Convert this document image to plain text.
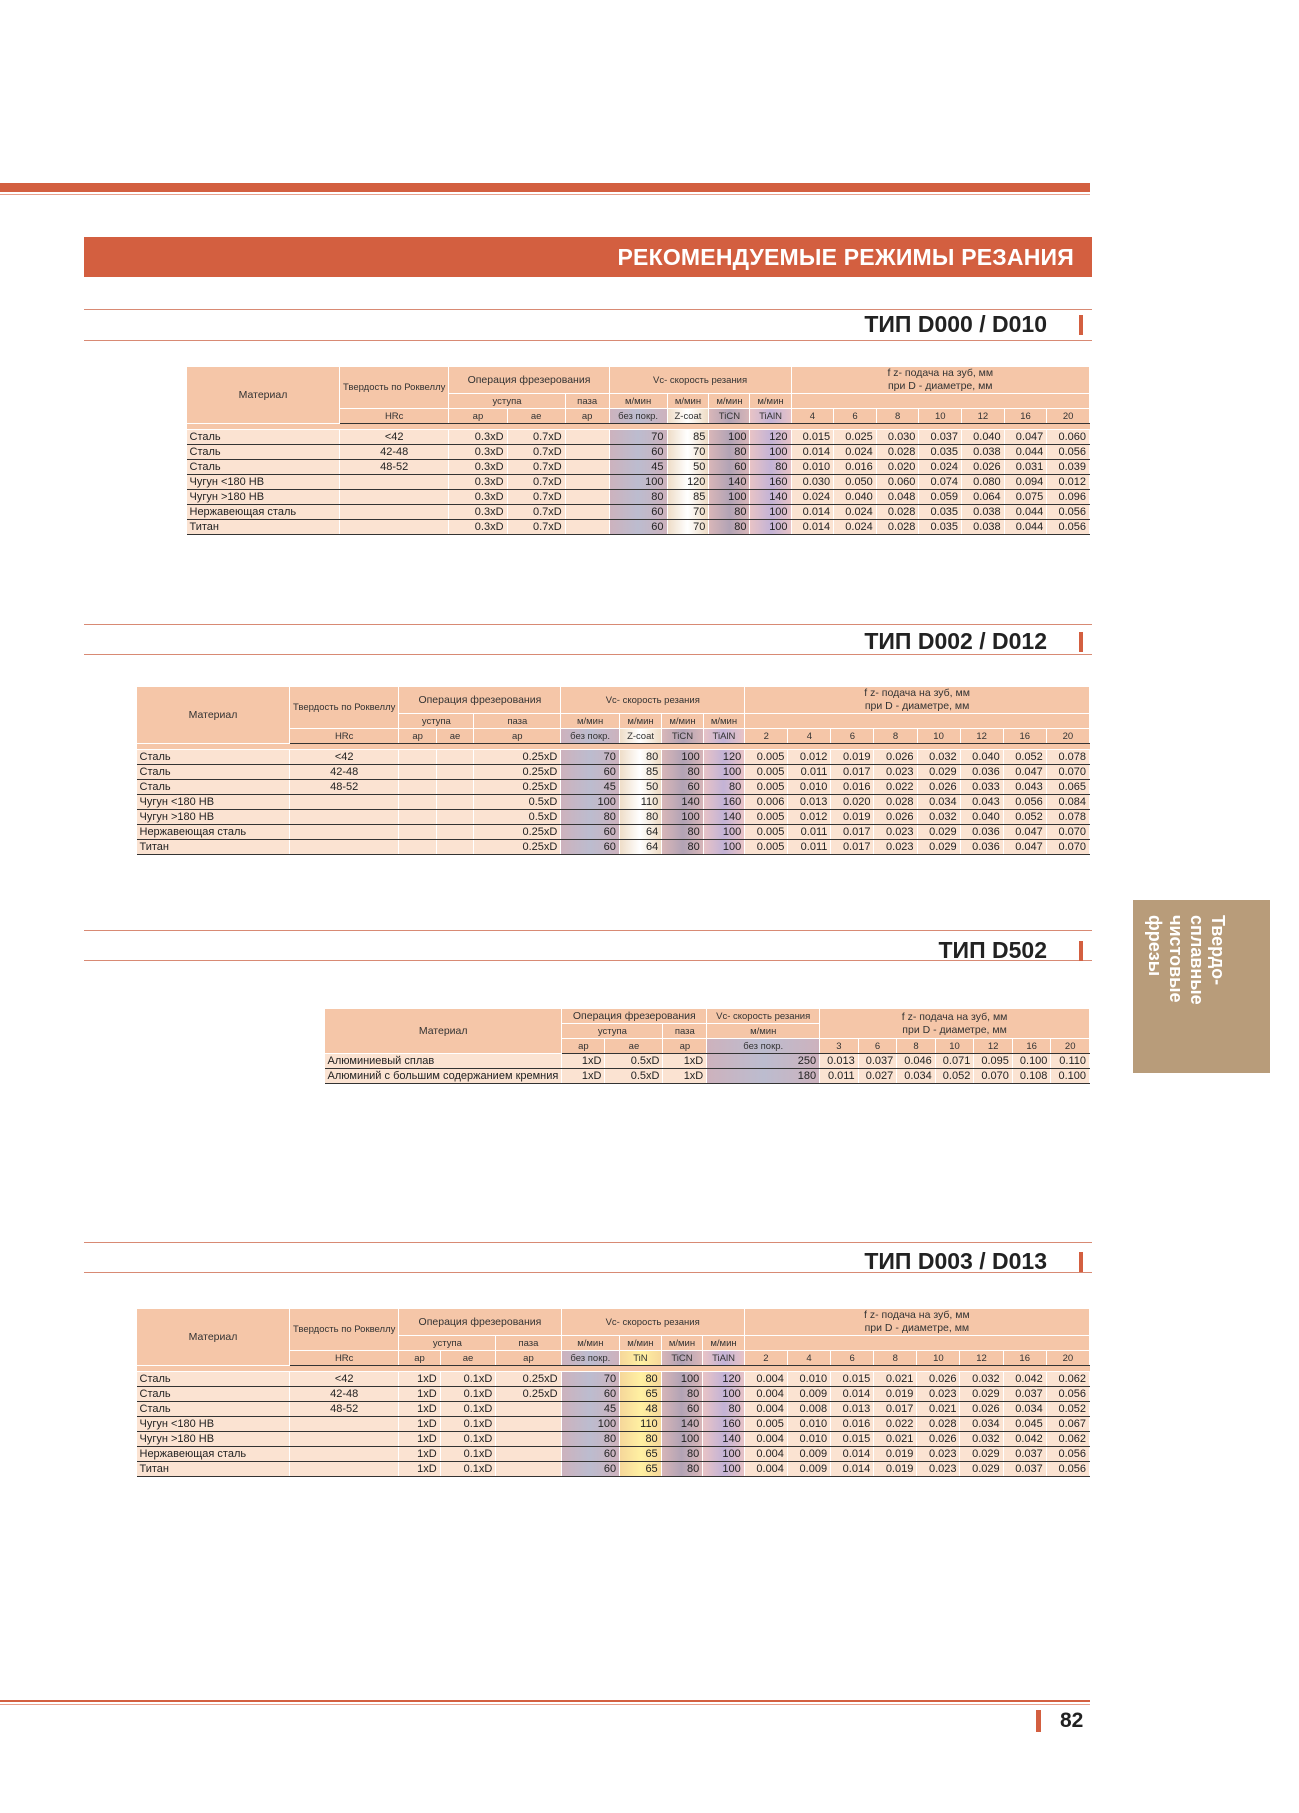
РЕКОМЕНДУЕМЫЕ РЕЖИМЫ РЕЗАНИЯ
ТИП D000 / D010
Материал	Твердость по Роквеллу	Операция фрезерования			Vc- скорость резания				f z- подача на зуб, мм
при D - диаметре, мм						
		уступа		паза	м/мин	м/мин	м/мин	м/мин							
	HRc	ap	ae	ap	без покр.	Z-coat	TiCN	TiAlN	4	6	8	10	12	16	20

Сталь	<42	0.3xD	0.7xD		70	85	100	120	0.015	0.025	0.030	0.037	0.040	0.047	0.060
Сталь	42-48	0.3xD	0.7xD		60	70	80	100	0.014	0.024	0.028	0.035	0.038	0.044	0.056
Сталь	48-52	0.3xD	0.7xD		45	50	60	80	0.010	0.016	0.020	0.024	0.026	0.031	0.039
Чугун <180 НВ		0.3xD	0.7xD		100	120	140	160	0.030	0.050	0.060	0.074	0.080	0.094	0.012
Чугун >180 НВ		0.3xD	0.7xD		80	85	100	140	0.024	0.040	0.048	0.059	0.064	0.075	0.096
Нержавеющая сталь		0.3xD	0.7xD		60	70	80	100	0.014	0.024	0.028	0.035	0.038	0.044	0.056
Титан		0.3xD	0.7xD		60	70	80	100	0.014	0.024	0.028	0.035	0.038	0.044	0.056
ТИП D002 / D012
Материал	Твердость по Роквеллу	Операция фрезерования			Vc- скорость резания				f z- подача на зуб, мм
при D - диаметре, мм							
		уступа		паза	м/мин	м/мин	м/мин	м/мин								
	HRc	ap	ae	ap	без покр.	Z-coat	TiCN	TiAlN	2	4	6	8	10	12	16	20

Сталь	<42			0.25xD	70	80	100	120	0.005	0.012	0.019	0.026	0.032	0.040	0.052	0.078
Сталь	42-48			0.25xD	60	85	80	100	0.005	0.011	0.017	0.023	0.029	0.036	0.047	0.070
Сталь	48-52			0.25xD	45	50	60	80	0.005	0.010	0.016	0.022	0.026	0.033	0.043	0.065
Чугун <180 НВ				0.5xD	100	110	140	160	0.006	0.013	0.020	0.028	0.034	0.043	0.056	0.084
Чугун >180 НВ				0.5xD	80	80	100	140	0.005	0.012	0.019	0.026	0.032	0.040	0.052	0.078
Нержавеющая сталь				0.25xD	60	64	80	100	0.005	0.011	0.017	0.023	0.029	0.036	0.047	0.070
Титан				0.25xD	60	64	80	100	0.005	0.011	0.017	0.023	0.029	0.036	0.047	0.070
ТИП D502
Материал	Операция фрезерования			Vc- скорость резания	f z- подача на зуб, мм
при D - диаметре, мм						
	уступа		паза	м/мин							
	ap	ae	ap	без покр.	3	6	8	10	12	16	20
Алюминиевый сплав	1xD	0.5xD	1xD	250	0.013	0.037	0.046	0.071	0.095	0.100	0.110
Алюминий с большим содержанием кремния	1xD	0.5xD	1xD	180	0.011	0.027	0.034	0.052	0.070	0.108	0.100
ТИП D003 / D013
Материал	Твердость по Роквеллу	Операция фрезерования			Vc- скорость резания				f z- подача на зуб, мм
при D - диаметре, мм							
		уступа		паза	м/мин	м/мин	м/мин	м/мин								
	HRc	ap	ae	ap	без покр.	TiN	TiCN	TiAlN	2	4	6	8	10	12	16	20

Сталь	<42	1xD	0.1xD	0.25xD	70	80	100	120	0.004	0.010	0.015	0.021	0.026	0.032	0.042	0.062
Сталь	42-48	1xD	0.1xD	0.25xD	60	65	80	100	0.004	0.009	0.014	0.019	0.023	0.029	0.037	0.056
Сталь	48-52	1xD	0.1xD		45	48	60	80	0.004	0.008	0.013	0.017	0.021	0.026	0.034	0.052
Чугун <180 НВ		1xD	0.1xD		100	110	140	160	0.005	0.010	0.016	0.022	0.028	0.034	0.045	0.067
Чугун >180 НВ		1xD	0.1xD		80	80	100	140	0.004	0.010	0.015	0.021	0.026	0.032	0.042	0.062
Нержавеющая сталь		1xD	0.1xD		60	65	80	100	0.004	0.009	0.014	0.019	0.023	0.029	0.037	0.056
Титан		1xD	0.1xD		60	65	80	100	0.004	0.009	0.014	0.019	0.023	0.029	0.037	0.056
Твердо-
сплавные
чистовые
фрезы
82
